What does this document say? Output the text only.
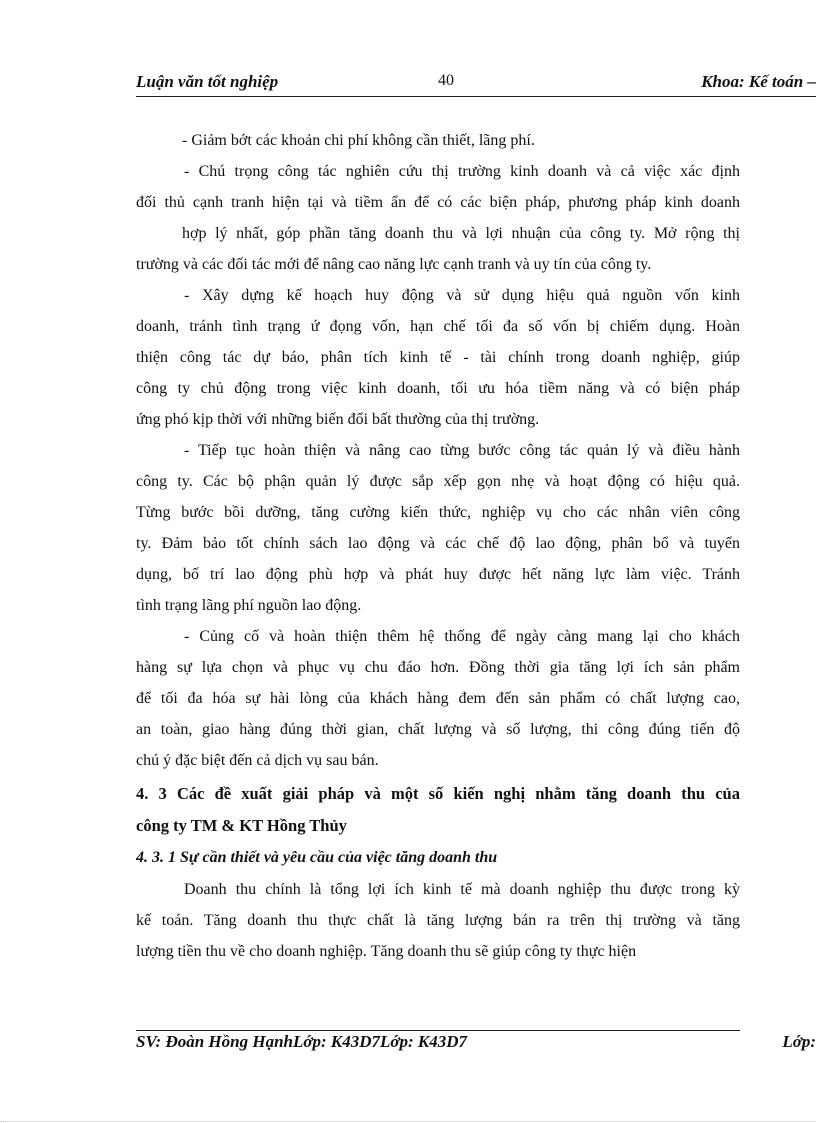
Luận văn tốt nghiệp	40	Khoa: Kế toán –
- Giảm bớt các khoản chi phí không cần thiết, lãng phí.
- Chú trọng công tác nghiên cứu thị trường kinh doanh và cả việc xác định
đối thủ cạnh tranh hiện tại và tiềm ẩn để có các biện pháp, phương pháp kinh doanh
hợp lý nhất, góp phần tăng doanh thu và lợi nhuận của công ty. Mở rộng thị
trường và các đối tác mới để nâng cao năng lực cạnh tranh và uy tín của công ty.
- Xây dựng kế hoạch huy động và sử dụng hiệu quả nguồn vốn kinh
doanh, tránh tình trạng ứ đọng vốn, hạn chế tối đa số vốn bị chiếm dụng. Hoàn
thiện công tác dự báo, phân tích kinh tế - tài chính trong doanh nghiệp, giúp
công ty chủ động trong việc kinh doanh, tối ưu hóa tiềm năng và có biện pháp
ứng phó kịp thời với những biến đổi bất thường của thị trường.
- Tiếp tục hoàn thiện và nâng cao từng bước công tác quản lý và điều hành
công ty. Các bộ phận quản lý được sắp xếp gọn nhẹ và hoạt động có hiệu quả.
Từng bước bồi dưỡng, tăng cường kiến thức, nghiệp vụ cho các nhân viên công
ty. Đảm bảo tốt chính sách lao động và các chế độ lao động, phân bổ và tuyển
dụng, bố trí lao động phù hợp và phát huy được hết năng lực làm việc. Tránh
tình trạng lãng phí nguồn lao động.
- Củng cố và hoàn thiện thêm hệ thống để ngày càng mang lại cho khách
hàng sự lựa chọn và phục vụ chu đáo hơn. Đồng thời gia tăng lợi ích sản phẩm
để tối đa hóa sự hài lòng của khách hàng đem đến sản phẩm có chất lượng cao,
an toàn, giao hàng đúng thời gian, chất lượng và số lượng, thi công đúng tiến độ
chú ý đặc biệt đến cả dịch vụ sau bán.
4. 3 Các đề xuất giải pháp và một số kiến nghị nhằm tăng doanh thu của
công ty TM & KT Hồng Thủy
4. 3. 1 Sự cần thiết và yêu cầu của việc tăng doanh thu
Doanh thu chính là tổng lợi ích kinh tế mà doanh nghiệp thu được trong kỳ
kế toán. Tăng doanh thu thực chất là tăng lượng bán ra trên thị trường và tăng
lượng tiền thu về cho doanh nghiệp. Tăng doanh thu sẽ giúp công ty thực hiện
SV: Đoàn Hồng HạnhLớp: K43D7Lớp: K43D7	Lớp:
